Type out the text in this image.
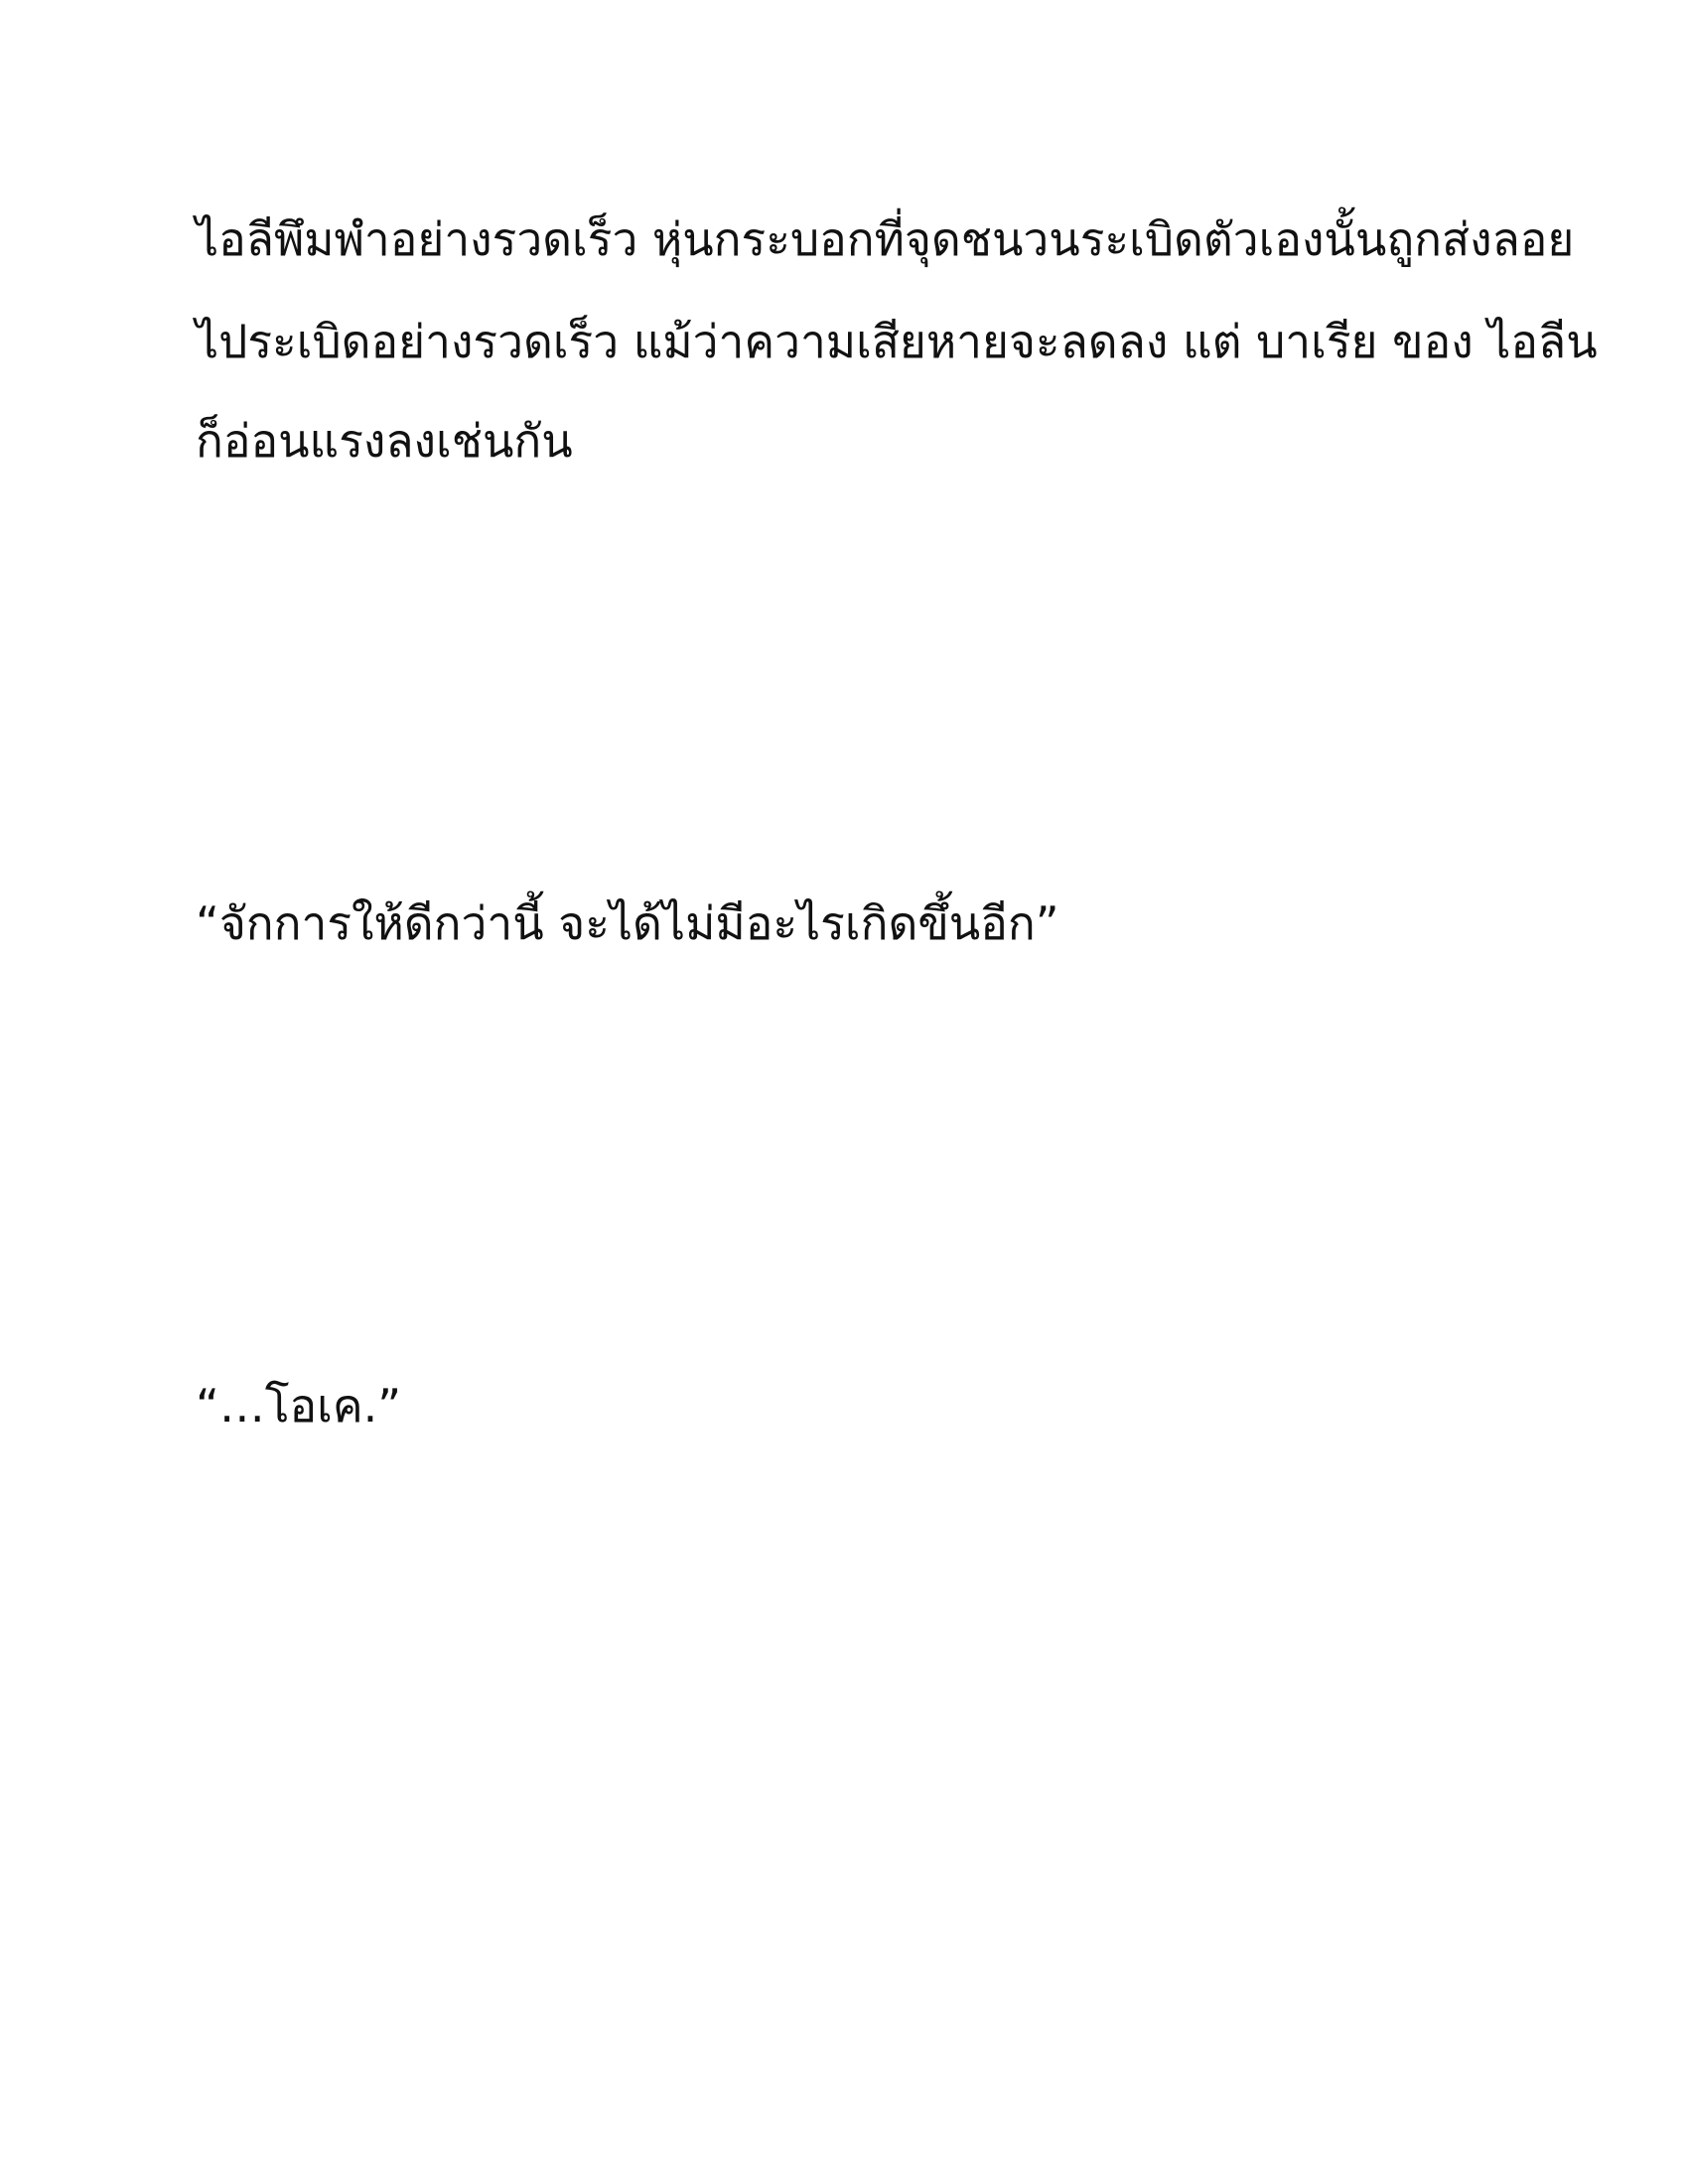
ไอลีพึมพำอย่างรวดเร็ว หุ่นกระบอกที่จุดชนวนระเบิดตัวเองนั้นถูกส่งลอย
ไประเบิดอย่างรวดเร็ว แม้ว่าความเสียหายจะลดลง แต่ บาเรีย ของ ไอลีน
ก็อ่อนแรงลงเช่นกัน

“จักการให้ดีกว่านี้ จะได้ไม่มีอะไรเกิดขึ้นอีก”

“…โอเค.”
